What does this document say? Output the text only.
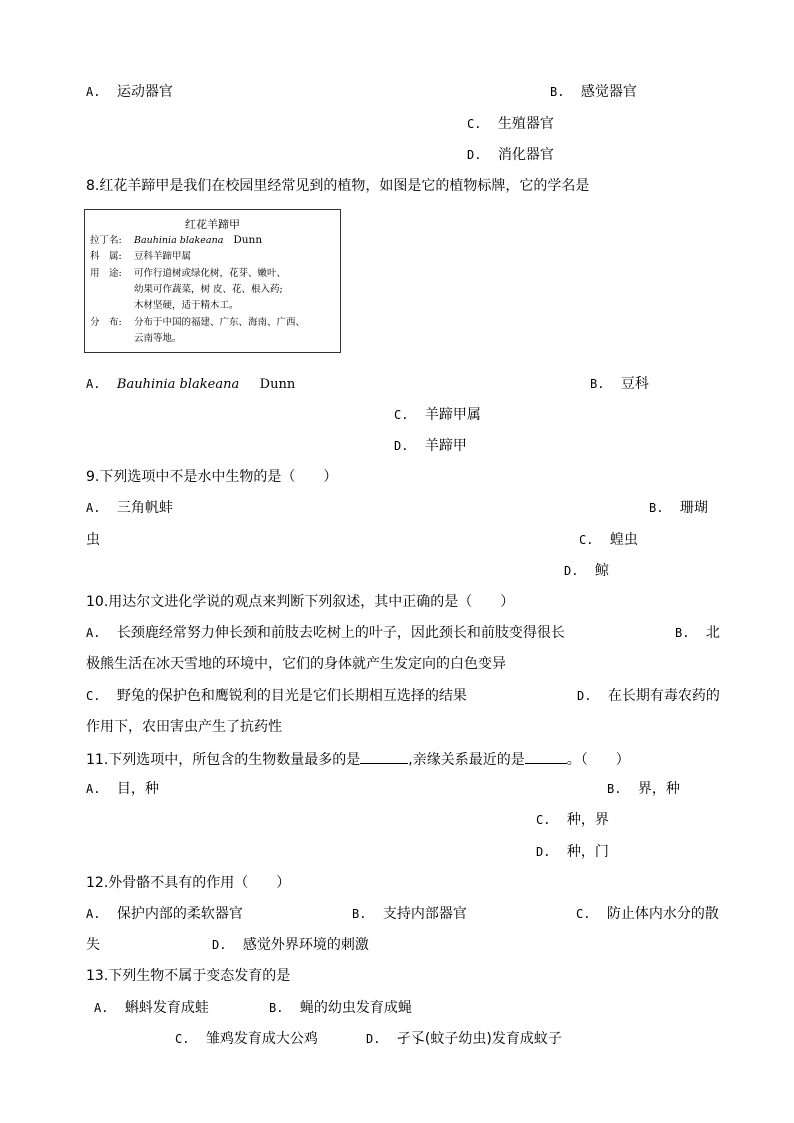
A. 运动器官	B. 感觉器官
C. 生殖器官
D. 消化器官
8.红花羊蹄甲是我们在校园里经常见到的植物，如图是它的植物标牌，它的学名是
红花羊蹄甲
拉丁名: Bauhinia blakeana Dunn
科　属: 豆科羊蹄甲属
用　途: 可作行道树或绿化树，花芽、嫩叶、
幼果可作蔬菜，树 皮、花、根入药;
木材坚硬，适于精木工。
分　布: 分布于中国的福建、广东、海南、广西、
云南等地。
A. Bauhinia blakeana Dunn	B. 豆科
C. 羊蹄甲属
D. 羊蹄甲
9.下列选项中不是水中生物的是（　　）
A. 三角帆蚌	B. 珊瑚
虫	C. 蝗虫
D. 鲸
10.用达尔文进化学说的观点来判断下列叙述，其中正确的是（　　）
A. 长颈鹿经常努力伸长颈和前肢去吃树上的叶子，因此颈长和前肢变得很长	B. 北
极熊生活在冰天雪地的环境中，它们的身体就产生发定向的白色变异
C. 野兔的保护色和鹰锐利的目光是它们长期相互选择的结果	D. 在长期有毒农药的
作用下，农田害虫产生了抗药性
11.下列选项中，所包含的生物数量最多的是	,亲缘关系最近的是	。（　　）
A. 目，种	B. 界，种
C. 种，界
D. 种，门
12.外骨骼不具有的作用（　　）
A. 保护内部的柔软器官	B. 支持内部器官	C. 防止体内水分的散
失	D. 感觉外界环境的刺激
13.下列生物不属于变态发育的是
A. 蝌蚪发育成蛙	B. 蝇的幼虫发育成蝇
C. 雏鸡发育成大公鸡	D. 孑孓(蚊子幼虫)发育成蚊子
